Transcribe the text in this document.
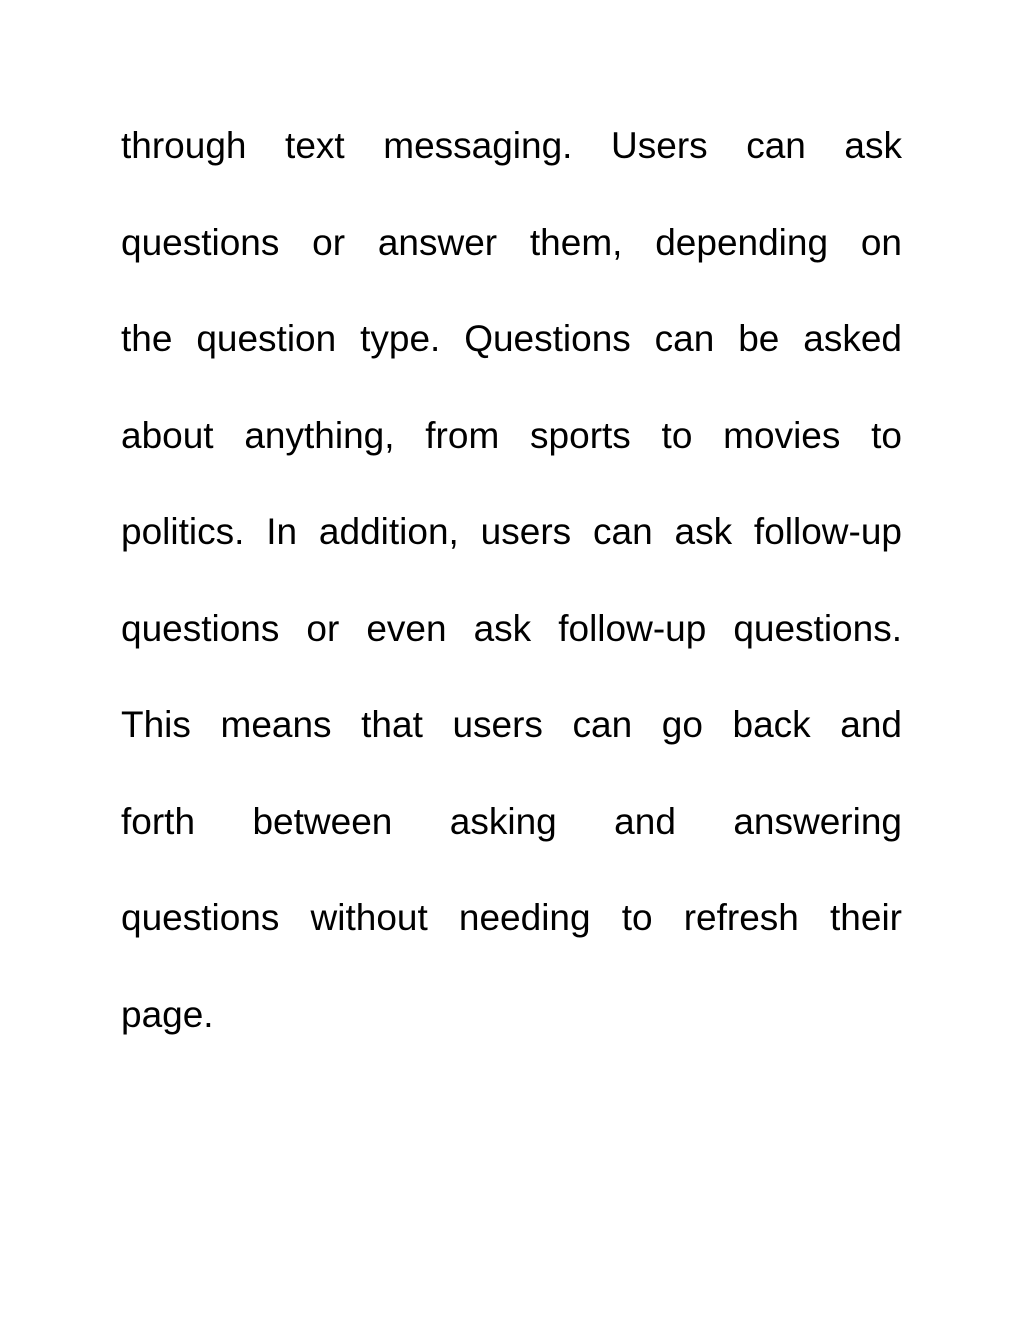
through text messaging. Users can ask
questions or answer them, depending on
the question type. Questions can be asked
about anything, from sports to movies to
politics. In addition, users can ask follow-up
questions or even ask follow-up questions.
This means that users can go back and
forth between asking and answering
questions without needing to refresh their
page.
